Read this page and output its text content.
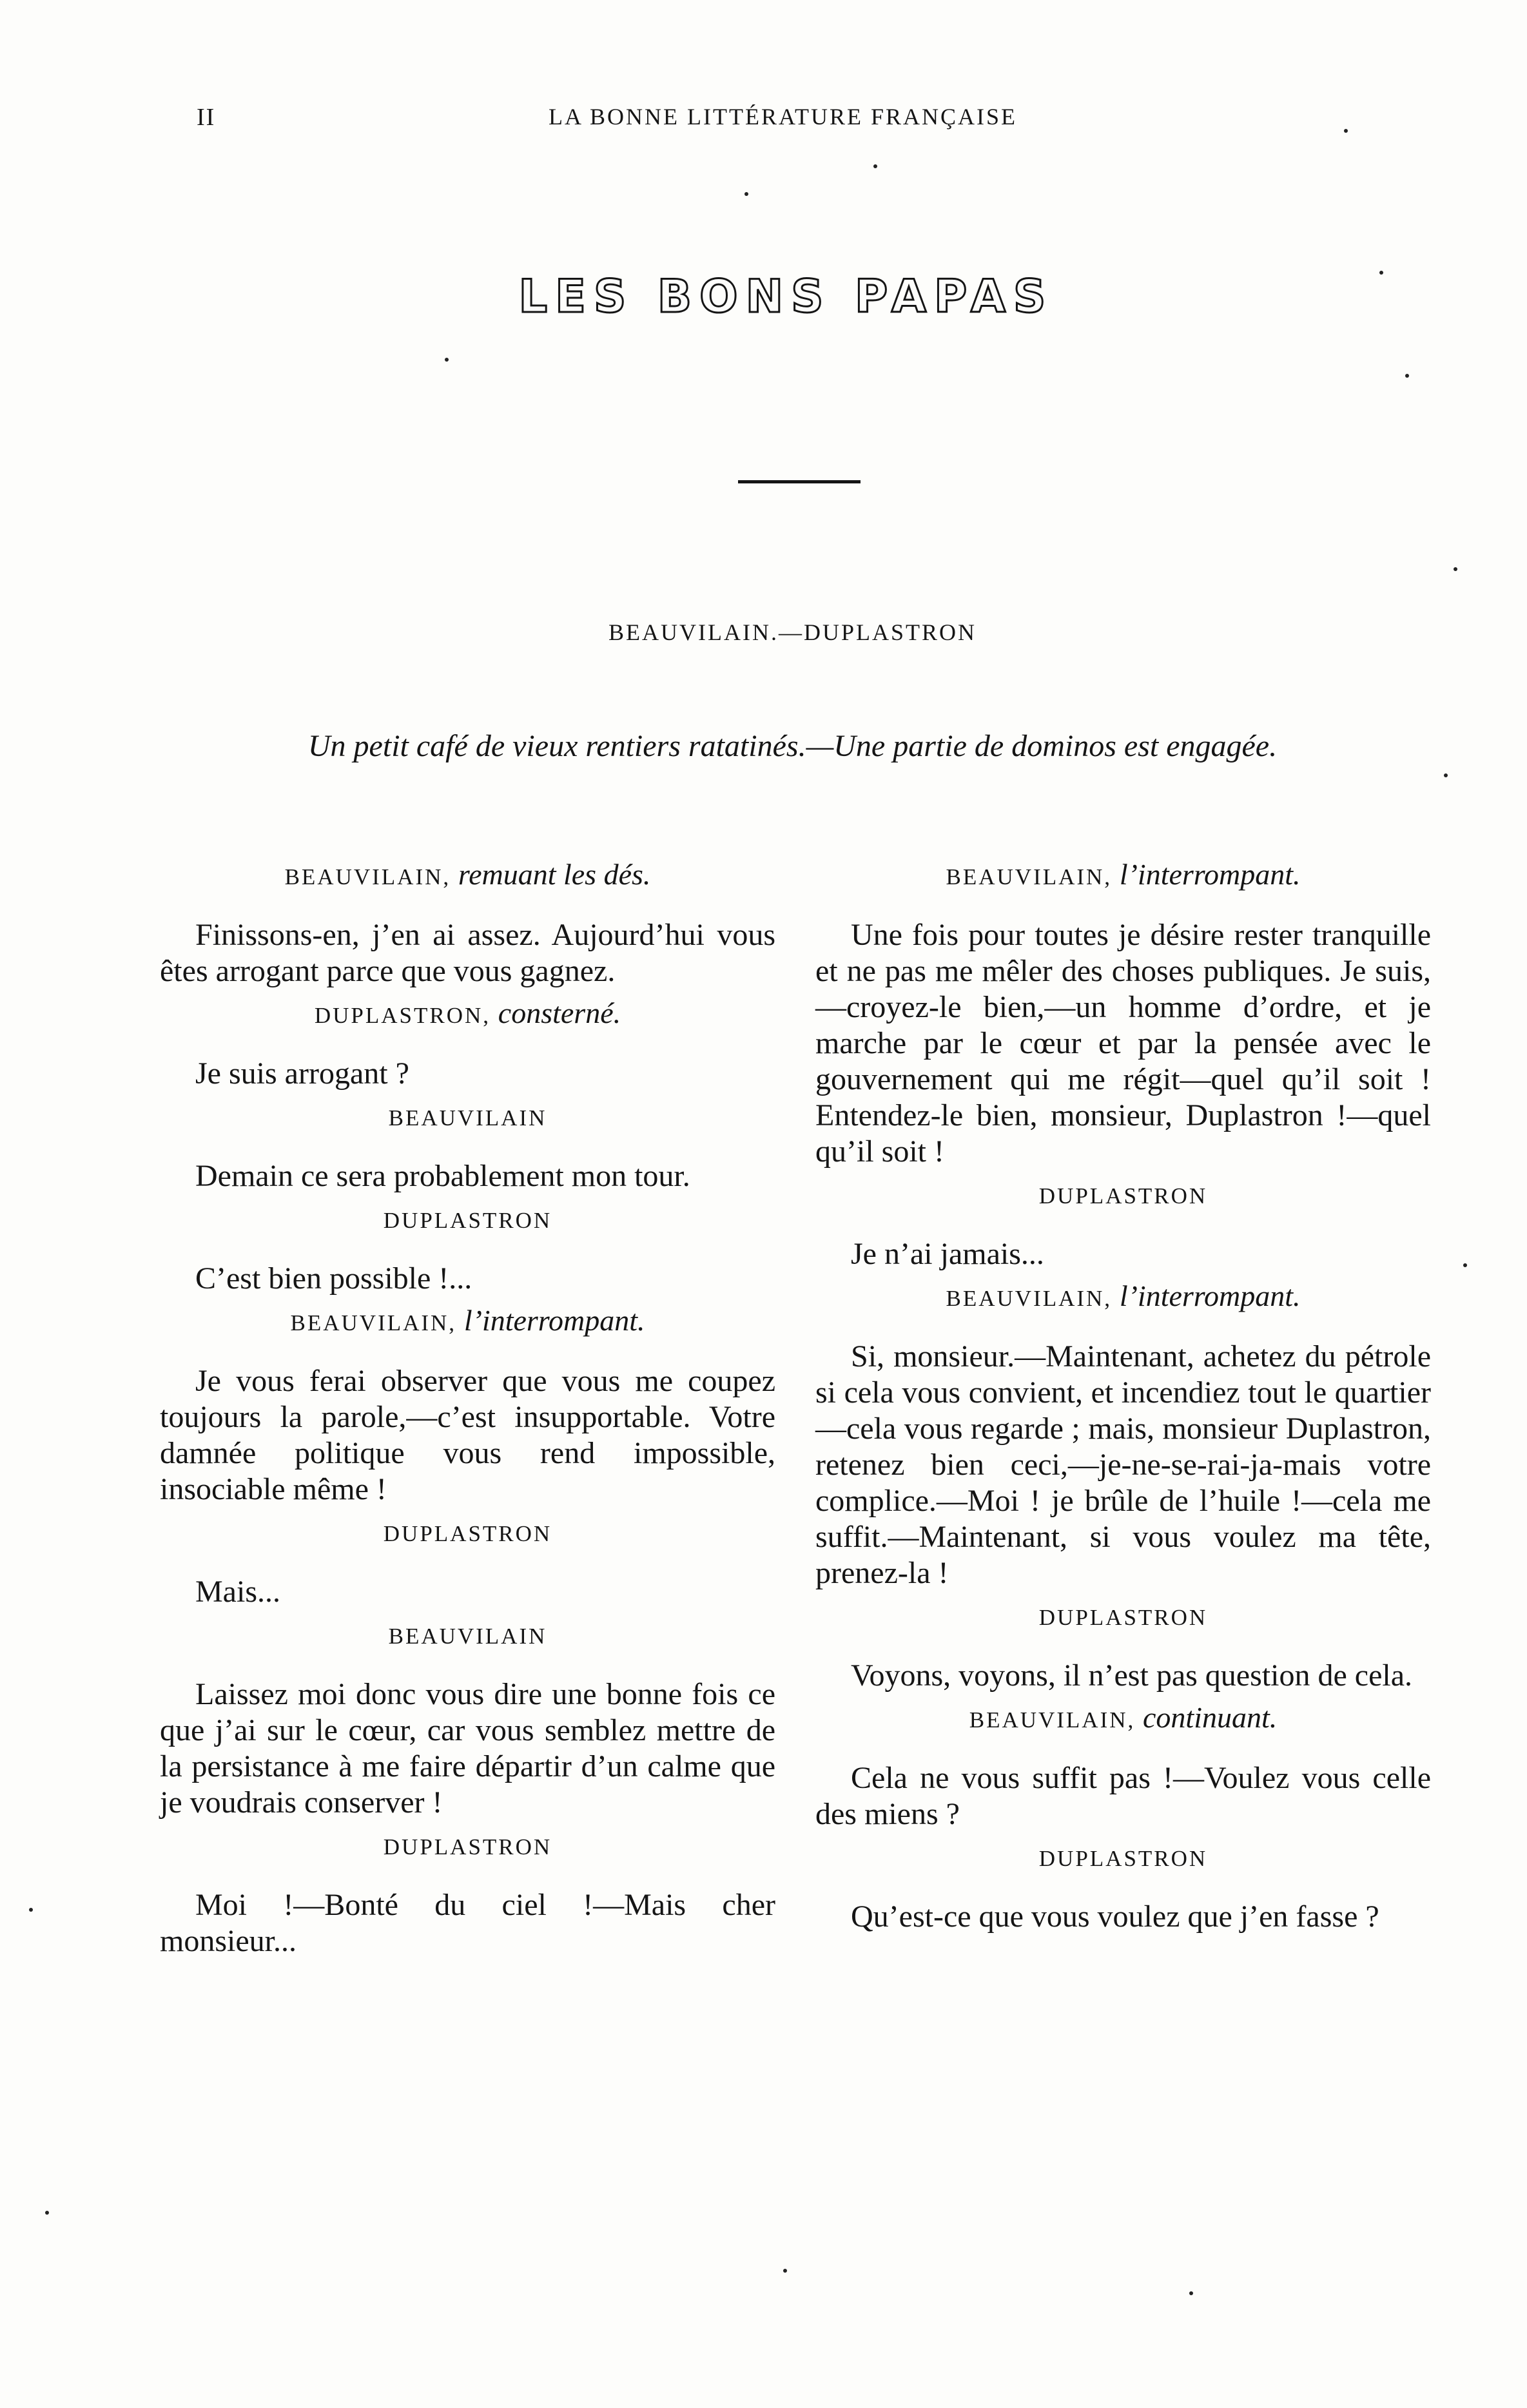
II	LA BONNE LITTÉRATURE FRANÇAISE
LES BONS PAPAS
BEAUVILAIN.—DUPLASTRON
Un petit café de vieux rentiers ratatinés.—Une partie de dominos est engagée.
BEAUVILAIN, remuant les dés.
Finissons-en, j’en ai assez. Aujourd’hui vous êtes arrogant parce que vous gagnez.
DUPLASTRON, consterné.
Je suis arrogant ?
BEAUVILAIN
Demain ce sera probablement mon tour.
DUPLASTRON
C’est bien possible !...
BEAUVILAIN, l’interrompant.
Je vous ferai observer que vous me coupez toujours la parole,—c’est insupportable. Votre damnée politique vous rend impossible, insociable même !
DUPLASTRON
Mais...
BEAUVILAIN
Laissez moi donc vous dire une bonne fois ce que j’ai sur le cœur, car vous semblez mettre de la persistance à me faire départir d’un calme que je voudrais conserver !
DUPLASTRON
Moi !—Bonté du ciel !—Mais cher monsieur...
BEAUVILAIN, l’interrompant.
Une fois pour toutes je désire rester tranquille et ne pas me mêler des choses publiques. Je suis,—croyez-le bien,—un homme d’ordre, et je marche par le cœur et par la pensée avec le gouvernement qui me régit—quel qu’il soit ! Entendez-le bien, monsieur, Duplastron !—quel qu’il soit !
DUPLASTRON
Je n’ai jamais...
BEAUVILAIN, l’interrompant.
Si, monsieur.—Maintenant, achetez du pétrole si cela vous convient, et incendiez tout le quartier—cela vous regarde ; mais, monsieur Duplastron, retenez bien ceci,—je-ne-se-rai-ja-mais votre complice.—Moi ! je brûle de l’huile !—cela me suffit.—Maintenant, si vous voulez ma tête, prenez-la !
DUPLASTRON
Voyons, voyons, il n’est pas question de cela.
BEAUVILAIN, continuant.
Cela ne vous suffit pas !—Voulez vous celle des miens ?
DUPLASTRON
Qu’est-ce que vous voulez que j’en fasse ?
